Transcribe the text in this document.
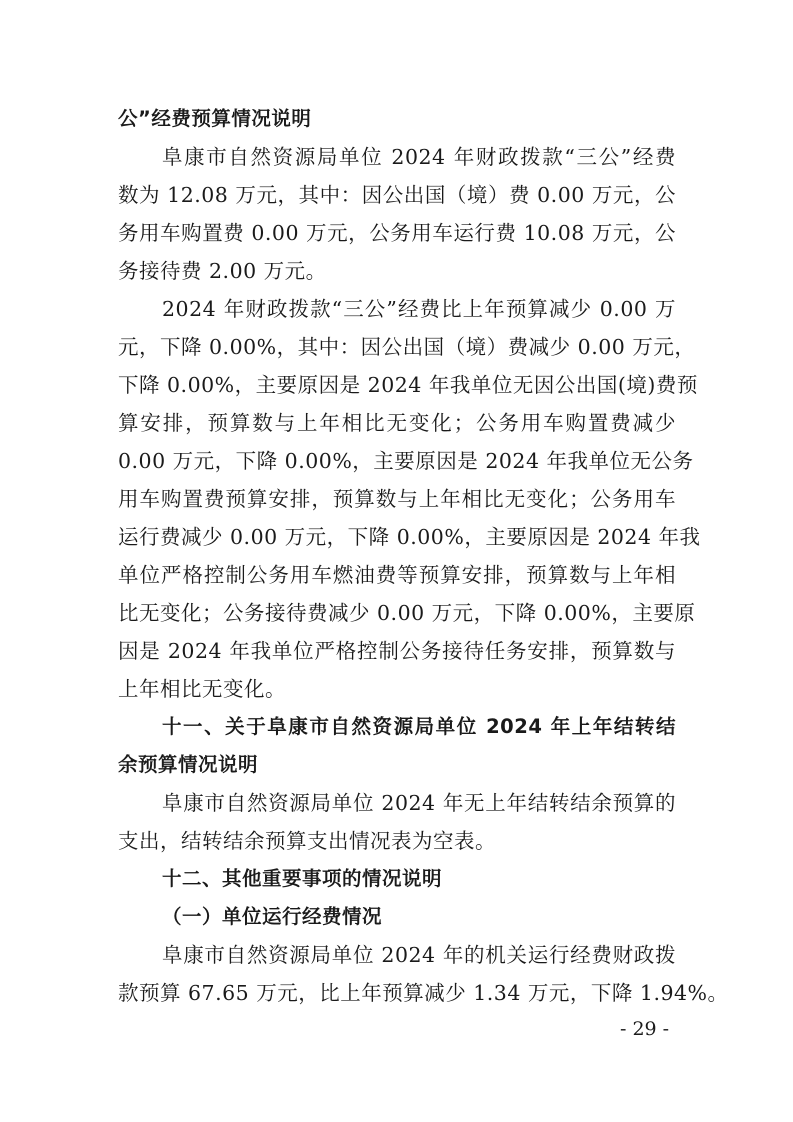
公”经费预算情况说明
阜康市自然资源局单位 2024 年财政拨款“三公”经费
数为 12.08 万元，其中：因公出国（境）费 0.00 万元，公
务用车购置费 0.00 万元，公务用车运行费 10.08 万元，公
务接待费 2.00 万元。
2024 年财政拨款“三公”经费比上年预算减少 0.00 万
元，下降 0.00%，其中：因公出国（境）费减少 0.00 万元，
下降 0.00%，主要原因是 2024 年我单位无因公出国(境)费预
算安排，预算数与上年相比无变化；公务用车购置费减少
0.00 万元，下降 0.00%，主要原因是 2024 年我单位无公务
用车购置费预算安排，预算数与上年相比无变化；公务用车
运行费减少 0.00 万元，下降 0.00%，主要原因是 2024 年我
单位严格控制公务用车燃油费等预算安排，预算数与上年相
比无变化；公务接待费减少 0.00 万元，下降 0.00%，主要原
因是 2024 年我单位严格控制公务接待任务安排，预算数与
上年相比无变化。
十一、关于阜康市自然资源局单位 2024 年上年结转结
余预算情况说明
阜康市自然资源局单位 2024 年无上年结转结余预算的
支出，结转结余预算支出情况表为空表。
十二、其他重要事项的情况说明
（一）单位运行经费情况
阜康市自然资源局单位 2024 年的机关运行经费财政拨
款预算 67.65 万元，比上年预算减少 1.34 万元，下降 1.94%。
- 29 -
